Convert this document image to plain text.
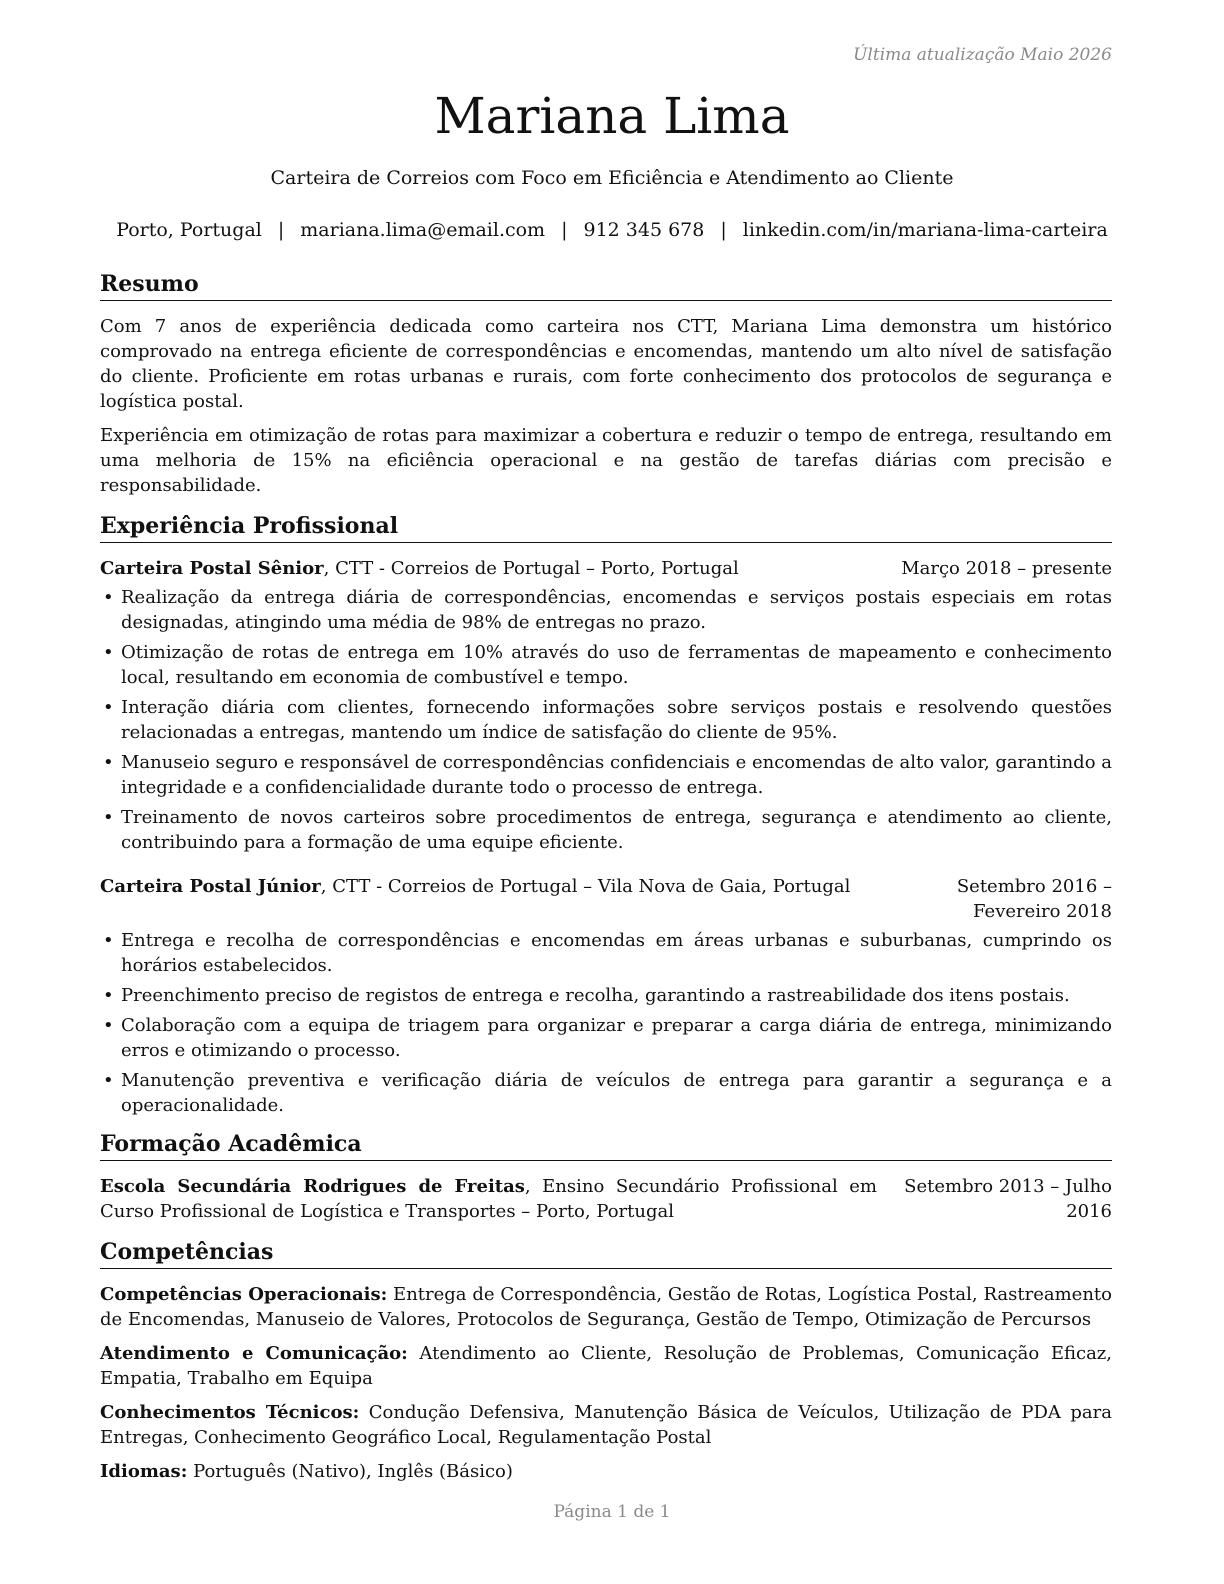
Última atualização Maio 2026
Mariana Lima
Carteira de Correios com Foco em Eficiência e Atendimento ao Cliente
Porto, Portugal | mariana.lima@email.com | 912 345 678 | linkedin.com/in/mariana-lima-carteira
Resumo

Com 7 anos de experiência dedicada como carteira nos CTT, Mariana Lima demonstra um histórico comprovado na entrega eficiente de correspondências e encomendas, mantendo um alto nível de satisfação do cliente. Proficiente em rotas urbanas e rurais, com forte conhecimento dos protocolos de segurança e logística postal.

Experiência em otimização de rotas para maximizar a cobertura e reduzir o tempo de entrega, resultando em uma melhoria de 15% na eficiência operacional e na gestão de tarefas diárias com precisão e responsabilidade.

Experiência Profissional
Carteira Postal Sênior, CTT - Correios de Portugal – Porto, Portugal	Março 2018 – presente
• Realização da entrega diária de correspondências, encomendas e serviços postais especiais em rotas designadas, atingindo uma média de 98% de entregas no prazo.
• Otimização de rotas de entrega em 10% através do uso de ferramentas de mapeamento e conhecimento local, resultando em economia de combustível e tempo.
• Interação diária com clientes, fornecendo informações sobre serviços postais e resolvendo questões relacionadas a entregas, mantendo um índice de satisfação do cliente de 95%.
• Manuseio seguro e responsável de correspondências confidenciais e encomendas de alto valor, garantindo a integridade e a confidencialidade durante todo o processo de entrega.
• Treinamento de novos carteiros sobre procedimentos de entrega, segurança e atendimento ao cliente, contribuindo para a formação de uma equipe eficiente.
Carteira Postal Júnior, CTT - Correios de Portugal – Vila Nova de Gaia, Portugal	Setembro 2016 – Fevereiro 2018
• Entrega e recolha de correspondências e encomendas em áreas urbanas e suburbanas, cumprindo os horários estabelecidos.
• Preenchimento preciso de registos de entrega e recolha, garantindo a rastreabilidade dos itens postais.
• Colaboração com a equipa de triagem para organizar e preparar a carga diária de entrega, minimizando erros e otimizando o processo.
• Manutenção preventiva e verificação diária de veículos de entrega para garantir a segurança e a operacionalidade.
Formação Acadêmica
Escola Secundária Rodrigues de Freitas, Ensino Secundário Profissional em Curso Profissional de Logística e Transportes – Porto, Portugal
Setembro 2013 – Julho 2016
Competências

Competências Operacionais: Entrega de Correspondência, Gestão de Rotas, Logística Postal, Rastreamento de Encomendas, Manuseio de Valores, Protocolos de Segurança, Gestão de Tempo, Otimização de Percursos

Atendimento e Comunicação: Atendimento ao Cliente, Resolução de Problemas, Comunicação Eficaz, Empatia, Trabalho em Equipa

Conhecimentos Técnicos: Condução Defensiva, Manutenção Básica de Veículos, Utilização de PDA para Entregas, Conhecimento Geográfico Local, Regulamentação Postal

Idiomas: Português (Nativo), Inglês (Básico)

Página 1 de 1
